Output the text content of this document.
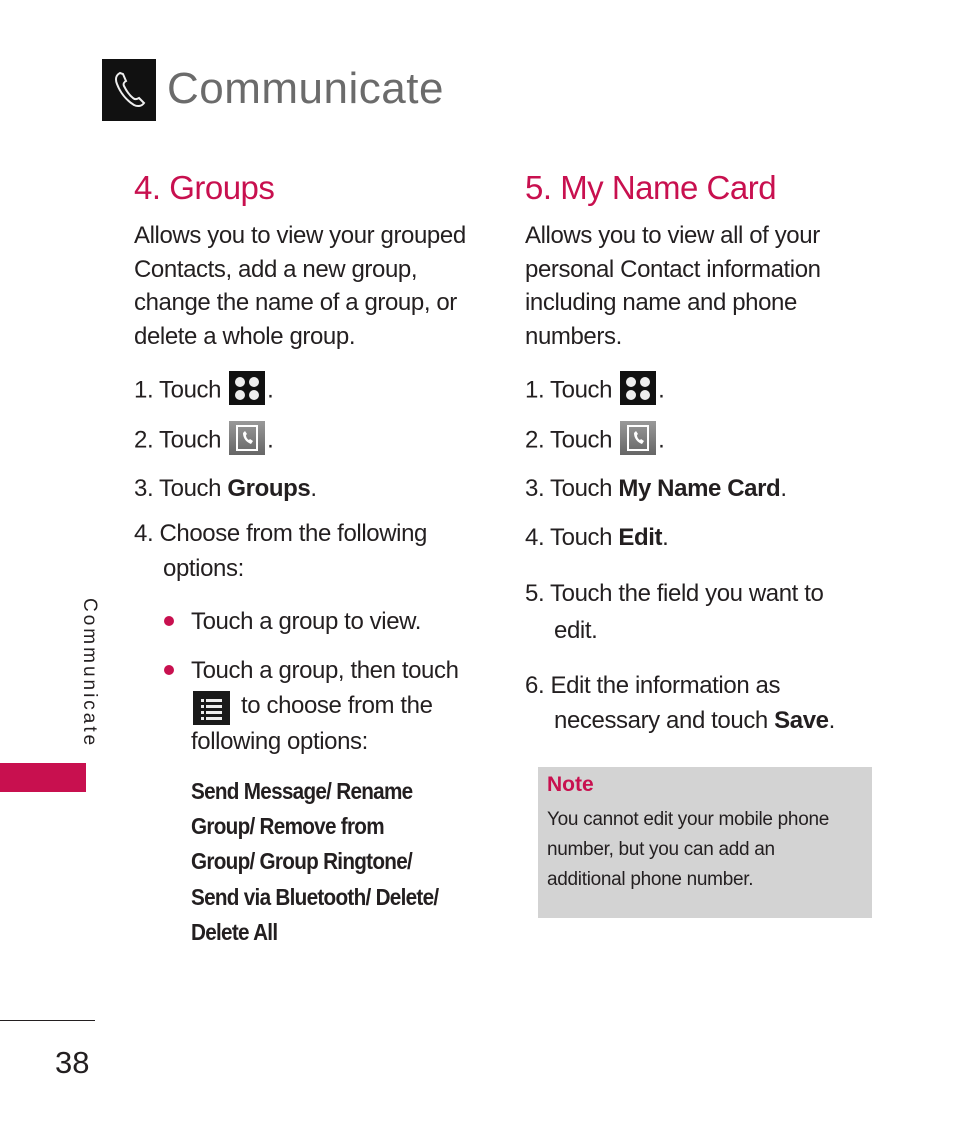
Communicate
Communicate
38
4. Groups
Allows you to view your grouped
Contacts, add a new group,
change the name of a group, or
delete a whole group.
1. Touch .
2. Touch .
3. Touch Groups.
4. Choose from the following
options:
Touch a group to view.
Touch a group, then touch
to choose from the
following options:
Send Message/ Rename
Group/ Remove from
Group/ Group Ringtone/
Send via Bluetooth/ Delete/
Delete All
5. My Name Card
Allows you to view all of your
personal Contact information
including name and phone
numbers.
1. Touch .
2. Touch .
3. Touch My Name Card.
4. Touch Edit.
5. Touch the field you want to
edit.
6. Edit the information as
necessary and touch Save.
Note
You cannot edit your mobile phone
number, but you can add an
additional phone number.
